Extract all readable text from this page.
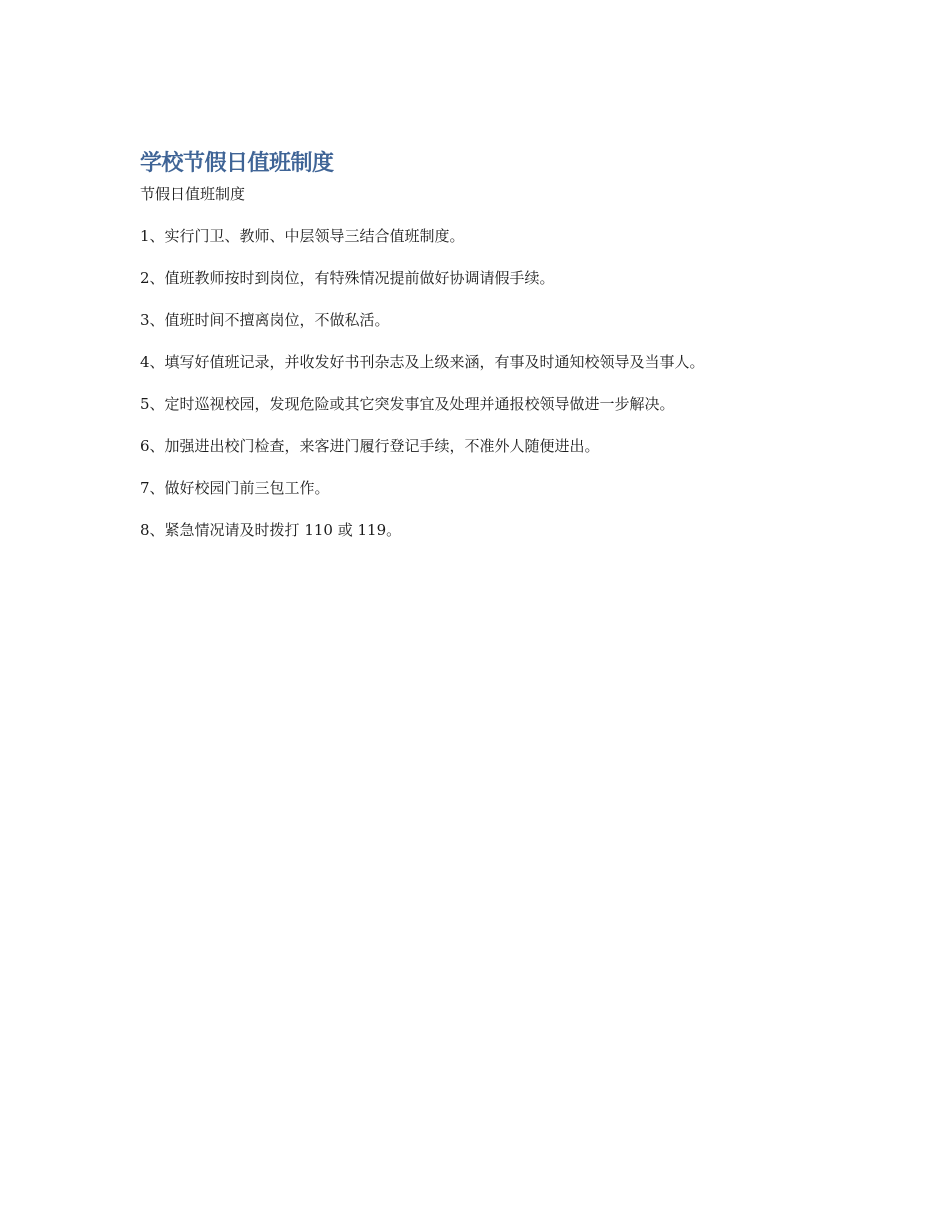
学校节假日值班制度

节假日值班制度

1、实行门卫、教师、中层领导三结合值班制度。
2、值班教师按时到岗位，有特殊情况提前做好协调请假手续。
3、值班时间不擅离岗位，不做私活。
4、填写好值班记录，并收发好书刊杂志及上级来涵，有事及时通知校领导及当事人。
5、定时巡视校园，发现危险或其它突发事宜及处理并通报校领导做进一步解决。
6、加强进出校门检查，来客进门履行登记手续，不准外人随便进出。
7、做好校园门前三包工作。
8、紧急情况请及时拨打 110 或 119。
